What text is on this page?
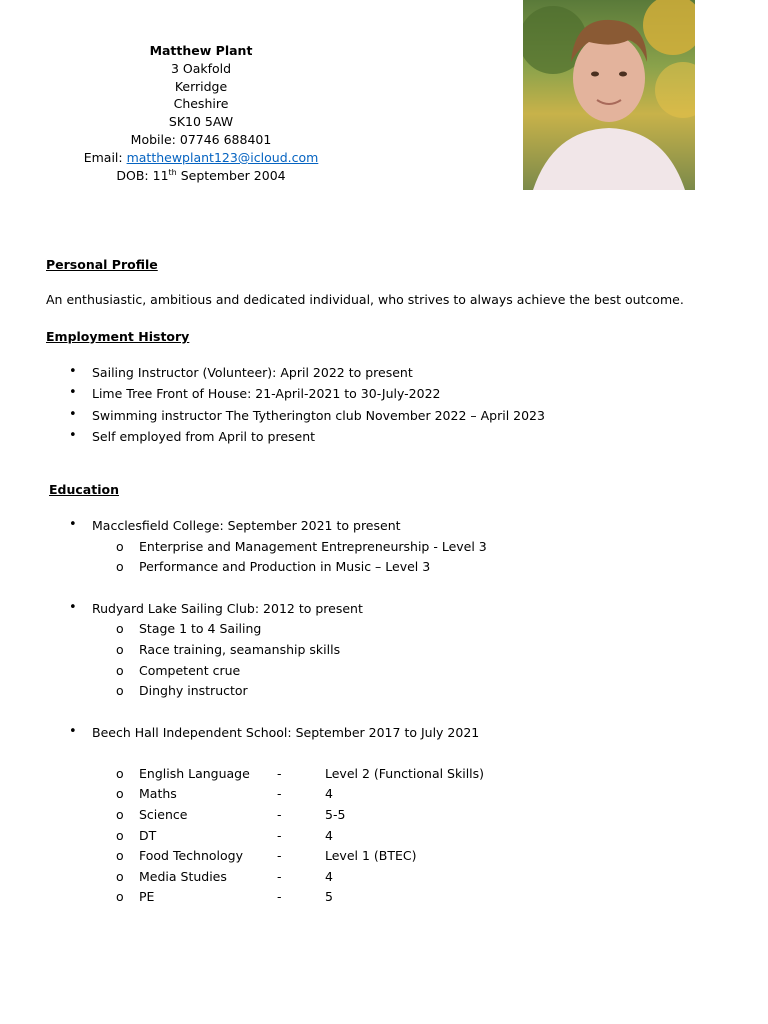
Matthew Plant
3 Oakfold
Kerridge
Cheshire
SK10 5AW
Mobile: 07746 688401
Email: matthewplant123@icloud.com
DOB: 11th September 2004
Personal Profile
An enthusiastic, ambitious and dedicated individual, who strives to always achieve the best outcome.
Employment History
• Sailing Instructor (Volunteer): April 2022 to present
• Lime Tree Front of House: 21-April-2021 to 30-July-2022
• Swimming instructor The Tytherington club November 2022 – April 2023
• Self employed from April to present
Education
• Macclesfield College: September 2021 to present
o Enterprise and Management Entrepreneurship - Level 3
o Performance and Production in Music – Level 3
• Rudyard Lake Sailing Club: 2012 to present
o Stage 1 to 4 Sailing
o Race training, seamanship skills
o Competent crue
o Dinghy instructor
• Beech Hall Independent School: September 2017 to July 2021
o English Language -	Level 2 (Functional Skills)
o Maths	-	4
o Science	-	5-5
o DT	-	4
o Food Technology	-	Level 1 (BTEC)
o Media Studies	-	4
o PE	-	5
